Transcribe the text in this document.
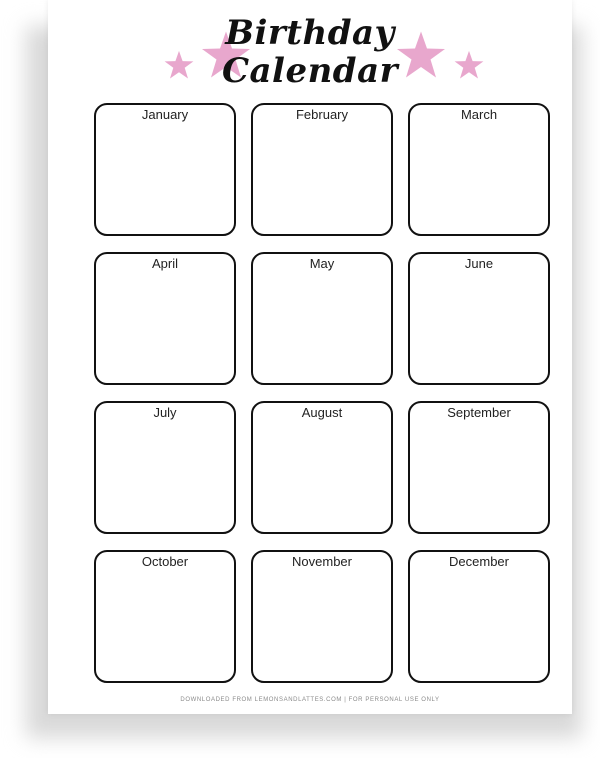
Birthday
Calendar
January	February	March
April	May	June
July	August	September
October	November	December
DOWNLOADED FROM LEMONSANDLATTES.COM | FOR PERSONAL USE ONLY
